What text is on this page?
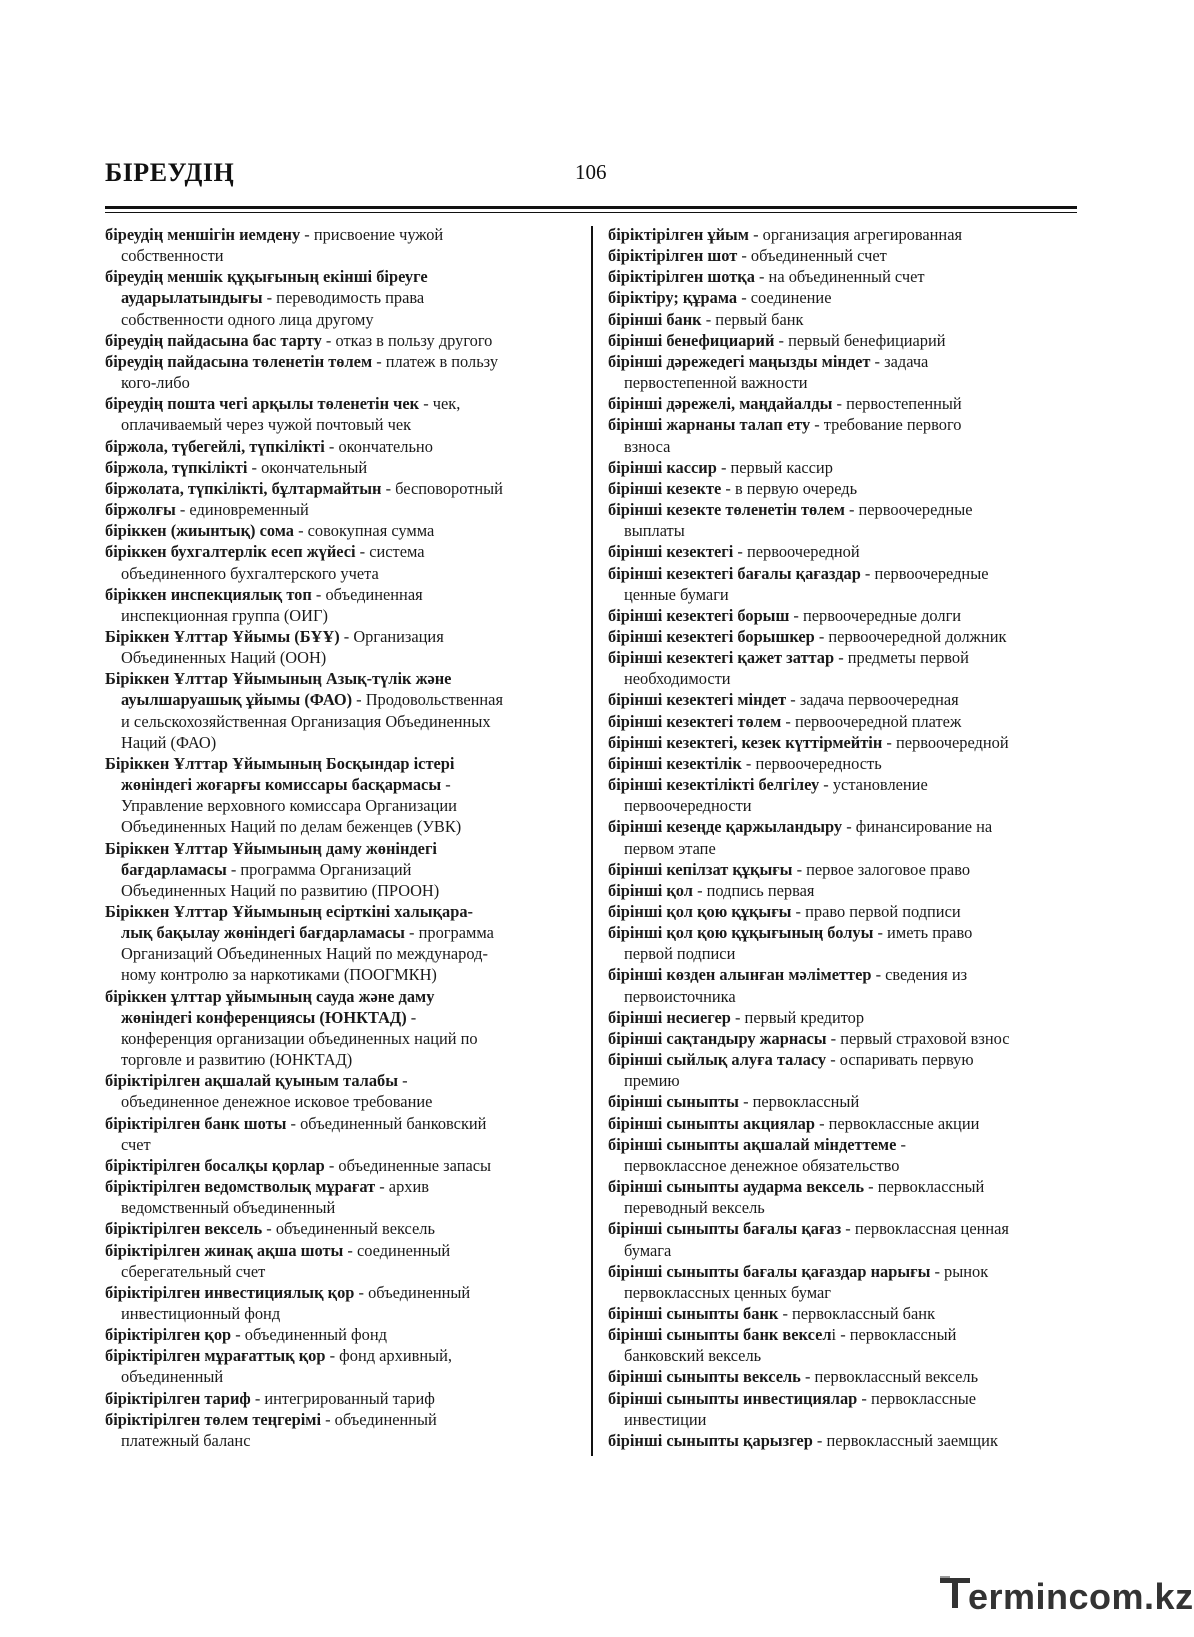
БІРЕУДІҢ	106
біреудің меншігін иемдену - присвоение чужой
собственности
біреудің меншік құқығының екінші біреуге
аударылатындығы - переводимость права
собственности одного лица другому
біреудің пайдасына бас тарту - отказ в пользу другого
біреудің пайдасына төленетін төлем - платеж в пользу
кого-либо
біреудің пошта чегі арқылы төленетін чек - чек,
оплачиваемый через чужой почтовый чек
біржола, түбегейлі, түпкілікті - окончательно
біржола, түпкілікті - окончательный
біржолата, түпкілікті, бұлтармайтын - бесповоротный
біржолғы - единовременный
біріккен (жиынтық) сома - совокупная сумма
біріккен бухгалтерлік есеп жүйесі - система
объединенного бухгалтерского учета
біріккен инспекциялық топ - объединенная
инспекционная группа (ОИГ)
Біріккен Ұлттар Ұйымы (БҰҰ) - Организация
Объединенных Наций (ООН)
Біріккен Ұлттар Ұйымының Азық-түлік және
ауылшаруашық ұйымы (ФАО) - Продовольственная
и сельскохозяйственная Организация Объединенных
Наций (ФАО)
Біріккен Ұлттар Ұйымының Босқындар істері
жөніндегі жоғарғы комиссары басқармасы -
Управление верховного комиссара Организации
Объединенных Наций по делам беженцев (УВК)
Біріккен Ұлттар Ұйымының даму жөніндегі
бағдарламасы - программа Организаций
Объединенных Наций по развитию (ПРООН)
Біріккен Ұлттар Ұйымының есірткіні халықара-
лық бақылау жөніндегі бағдарламасы - программа
Организаций Объединенных Наций по международ-
ному контролю за наркотиками (ПООГМКН)
біріккен ұлттар ұйымының сауда және даму
жөніндегі конференциясы (ЮНКТАД) -
конференция организации объединенных наций по
торговле и развитию (ЮНКТАД)
біріктірілген ақшалай қуыным талабы -
объединенное денежное исковое требование
біріктірілген банк шоты - объединенный банковский
счет
біріктірілген босалқы қорлар - объединенные запасы
біріктірілген ведомстволық мұрағат - архив
ведомственный объединенный
біріктірілген вексель - объединенный вексель
біріктірілген жинақ ақша шоты - соединенный
сберегательный счет
біріктірілген инвестициялық қор - объединенный
инвестиционный фонд
біріктірілген қор - объединенный фонд
біріктірілген мұрағаттық қор - фонд архивный,
объединенный
біріктірілген тариф - интегрированный тариф
біріктірілген төлем теңгерімі - объединенный
платежный баланс
біріктірілген ұйым - организация агрегированная
біріктірілген шот - объединенный счет
біріктірілген шотқа - на объединенный счет
біріктіру; құрама - соединение
бірінші банк - первый банк
бірінші бенефициарий - первый бенефициарий
бірінші дәрежедегі маңызды міндет - задача
первостепенной важности
бірінші дәрежелі, маңдайалды - первостепенный
бірінші жарнаны талап ету - требование первого
взноса
бірінші кассир - первый кассир
бірінші кезекте - в первую очередь
бірінші кезекте төленетін төлем - первоочередные
выплаты
бірінші кезектегі - первоочередной
бірінші кезектегі бағалы қағаздар - первоочередные
ценные бумаги
бірінші кезектегі борыш - первоочередные долги
бірінші кезектегі борышкер - первоочередной должник
бірінші кезектегі қажет заттар - предметы первой
необходимости
бірінші кезектегі міндет - задача первоочередная
бірінші кезектегі төлем - первоочередной платеж
бірінші кезектегі, кезек күттірмейтін - первоочередной
бірінші кезектілік - первоочередность
бірінші кезектілікті белгілеу - установление
первоочередности
бірінші кезеңде қаржыландыру - финансирование на
первом этапе
бірінші кепілзат құқығы - первое залоговое право
бірінші қол - подпись первая
бірінші қол қою құқығы - право первой подписи
бірінші қол қою құқығының болуы - иметь право
первой подписи
бірінші көзден алынған мәліметтер - сведения из
первоисточника
бірінші несиегер - первый кредитор
бірінші сақтандыру жарнасы - первый страховой взнос
бірінші сыйлық алуға таласу - оспаривать первую
премию
бірінші сыныпты - первоклассный
бірінші сыныпты акциялар - первоклассные акции
бірінші сыныпты ақшалай міндеттеме -
первоклассное денежное обязательство
бірінші сыныпты аударма вексель - первоклассный
переводный вексель
бірінші сыныпты бағалы қағаз - первоклассная ценная
бумага
бірінші сыныпты бағалы қағаздар нарығы - рынок
первоклассных ценных бумаг
бірінші сыныпты банк - первоклассный банк
бірінші сыныпты банк векселі - первоклассный
банковский вексель
бірінші сыныпты вексель - первоклассный вексель
бірінші сыныпты инвестициялар - первоклассные
инвестиции
бірінші сыныпты қарызгер - первоклассный заемщик
ermincom.kz
